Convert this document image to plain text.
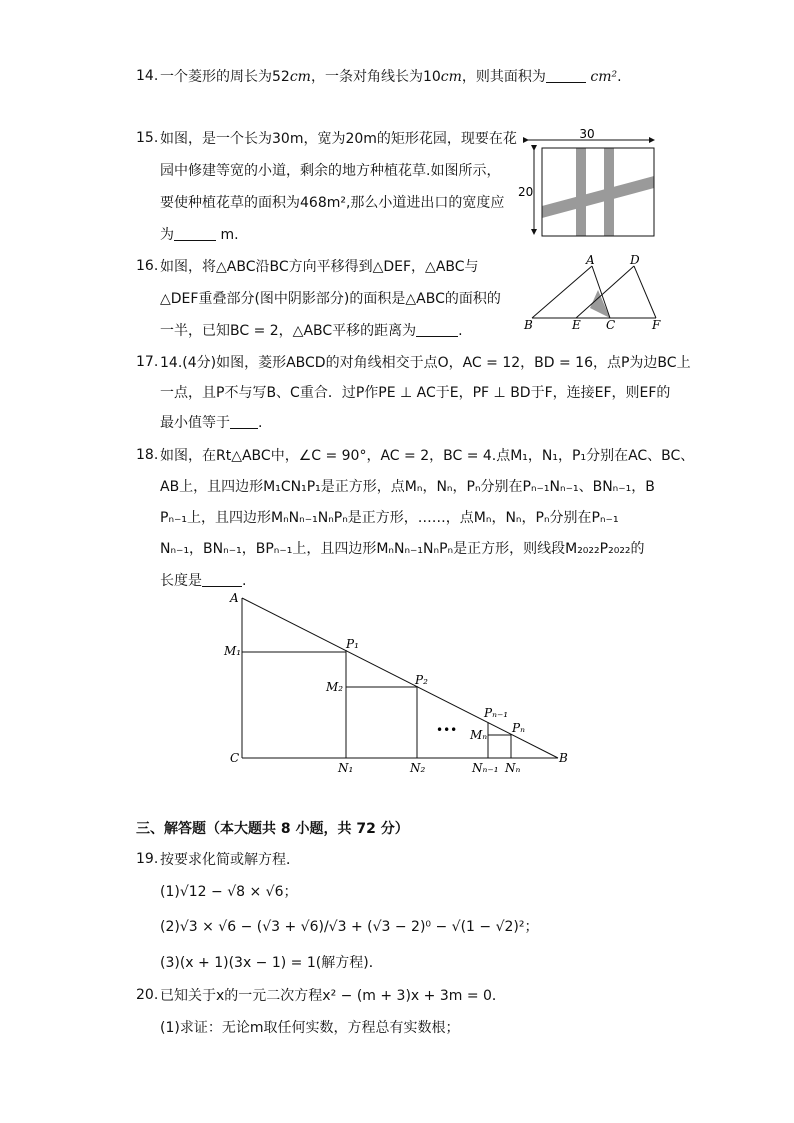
14. 一个菱形的周长为52cm，一条对角线长为10cm，则其面积为	cm².
15. 如图，是一个长为30m，宽为20m的矩形花园，现要在花
园中修建等宽的小道，剩余的地方种植花草.如图所示，
要使种植花草的面积为468m²,那么小道进出口的宽度应
为	m.
30
20
16. 如图，将△ABC沿BC方向平移得到△DEF，△ABC与
△DEF重叠部分(图中阴影部分)的面积是△ABC的面积的
一半，已知BC = 2，△ABC平移的距离为	.
A	D
B	E C	F
17. 14.(4分)如图，菱形ABCD的对角线相交于点O，AC = 12，BD = 16，点P为边BC上
一点，且P不与写B、C重合．过P作PE ⊥ AC于E，PF ⊥ BD于F，连接EF，则EF的
最小值等于 .
18. 如图，在Rt△ABC中，∠C = 90°，AC = 2，BC = 4.点M₁，N₁，P₁分别在AC、BC、
AB上，且四边形M₁CN₁P₁是正方形，点Mₙ，Nₙ，Pₙ分别在Pₙ₋₁Nₙ₋₁、BNₙ₋₁，B
Pₙ₋₁上，且四边形MₙNₙ₋₁NₙPₙ是正方形，……，点Mₙ，Nₙ，Pₙ分别在Pₙ₋₁
Nₙ₋₁，BNₙ₋₁，BPₙ₋₁上，且四边形MₙNₙ₋₁NₙPₙ是正方形，则线段M₂₀₂₂P₂₀₂₂的
长度是	.
A
C	B
M₁
M₂
Mₙ
P₁
P₂
Pₙ₋₁
Pₙ
N₁	N₂	Nₙ₋₁ Nₙ
•••
三、解答题（本大题共 8 小题，共 72 分）
19. 按要求化简或解方程．
(1)√12 − √8 × √6；
(2)√3 × √6 − (√3 + √6)/√3 + (√3 − 2)⁰ − √(1 − √2)²；
(3)(x + 1)(3x − 1) = 1(解方程)．
20. 已知关于x的一元二次方程x² − (m + 3)x + 3m = 0．
(1)求证：无论m取任何实数，方程总有实数根；
